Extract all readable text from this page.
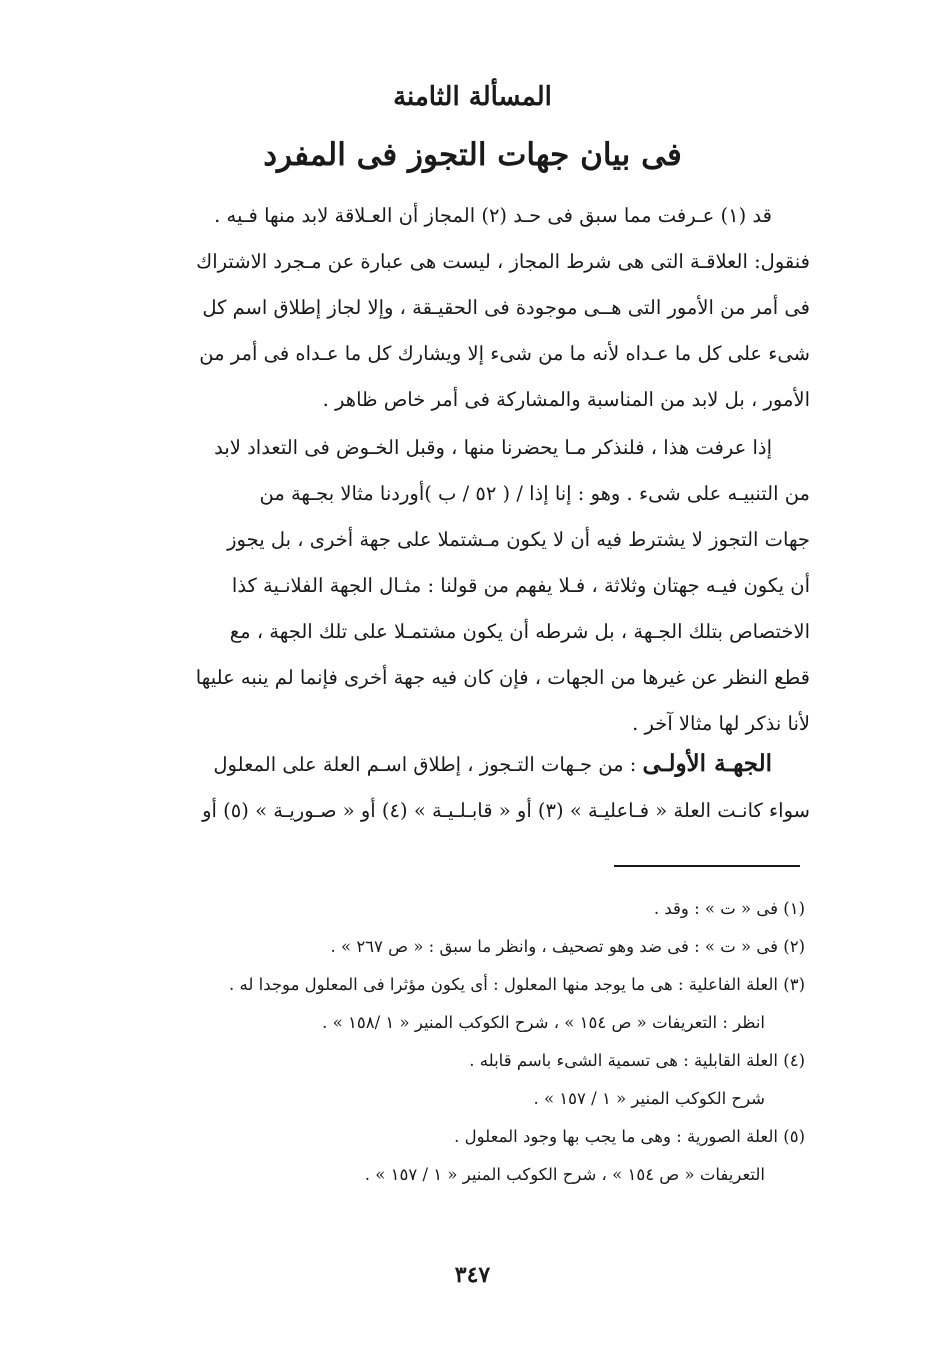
المسألة الثامنة
فى بيان جهات التجوز فى المفرد
قد (١) عـرفت مما سبق فى حـد (٢) المجاز أن العـلاقة لابد منها فـيه .
فنقول: العلاقـة التى هى شرط المجاز ، ليست هى عبارة عن مـجرد الاشتراك
فى أمر من الأمور التى هــى موجودة فى الحقيـقة ، وإلا لجاز إطلاق اسم كل
شىء على كل ما عـداه لأنه ما من شىء إلا ويشارك كل ما عـداه فى أمر من
الأمور ، بل لابد من المناسبة والمشاركة فى أمر خاص ظاهر .
إذا عرفت هذا ، فلنذكر مـا يحضرنا منها ، وقبل الخـوض فى التعداد لابد
من التنبيـه على شىء . وهو : إنا إذا / ( ٥٢ / ب )أوردنا مثالا بجـهة من
جهات التجوز لا يشترط فيه أن لا يكون مـشتملا على جهة أخرى ، بل يجوز
أن يكون فيـه جهتان وثلاثة ، فـلا يفهم من قولنا : مثـال الجهة الفلانـية كذا
الاختصاص بتلك الجـهة ، بل شرطه أن يكون مشتمـلا على تلك الجهة ، مع
قطع النظر عن غيرها من الجهات ، فإن كان فيه جهة أخرى فإنما لم ينبه عليها
لأنا نذكر لها مثالا آخر .
الجهـة الأولـى : من جـهات التـجوز ، إطلاق اسـم العلة على المعلول
سواء كانـت العلة « فـاعليـة » (٣) أو « قابـلـيـة » (٤) أو « صـوريـة » (٥) أو
(١) فى « ت » : وقد .
(٢) فى « ت » : فى ضد وهو تصحيف ، وانظر ما سبق : « ص ٢٦٧ » .
(٣) العلة الفاعلية : هى ما يوجد منها المعلول : أى يكون مؤثرا فى المعلول موجدا له .
انظر : التعريفات « ص ١٥٤ » ، شرح الكوكب المنير « ١ /١٥٨ » .
(٤) العلة القابلية : هى تسمية الشىء باسم قابله .
شرح الكوكب المنير « ١ / ١٥٧ » .
(٥) العلة الصورية : وهى ما يجب بها وجود المعلول .
التعريفات « ص ١٥٤ » ، شرح الكوكب المنير « ١ / ١٥٧ » .
٣٤٧
